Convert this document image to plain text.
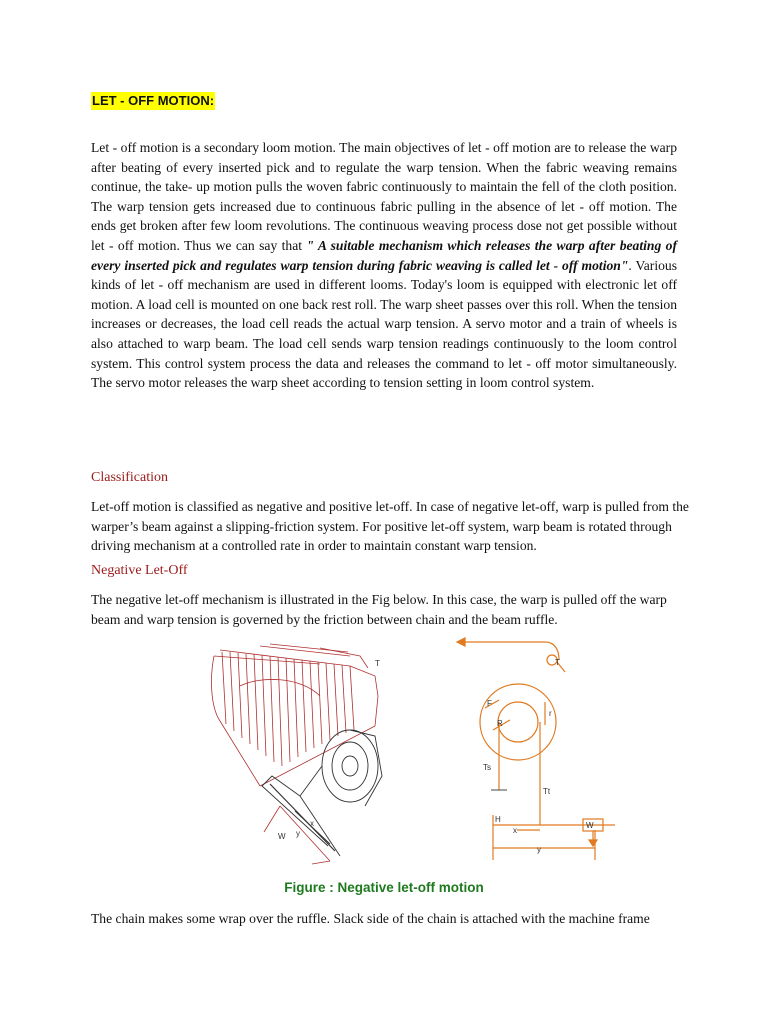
LET - OFF MOTION:

Let - off motion is a secondary loom motion. The main objectives of let - off motion are to release the warp after beating of every inserted pick and to regulate the warp tension. When the fabric weaving remains continue, the take- up motion pulls the woven fabric continuously to maintain the fell of the cloth position. The warp tension gets increased due to continuous fabric pulling in the absence of let - off motion. The ends get broken after few loom revolutions. The continuous weaving process dose not get possible without let - off motion. Thus we can say that " A suitable mechanism which releases the warp after beating of every inserted pick and regulates warp tension during fabric weaving is called let - off motion". Various kinds of let - off mechanism are used in different looms. Today's loom is equipped with electronic let off motion. A load cell is mounted on one back rest roll. The warp sheet passes over this roll. When the tension increases or decreases, the load cell reads the actual warp tension. A servo motor and a train of wheels is also attached to warp beam. The load cell sends warp tension readings continuously to the loom control system. This control system process the data and releases the command to let - off motor simultaneously. The servo motor releases the warp sheet according to tension setting in loom control system.

Classification

Let-off motion is classified as negative and positive let-off. In case of negative let-off, warp is pulled from the warper’s beam against a slipping-friction system. For positive let-off system, warp beam is rotated through driving mechanism at a controlled rate in order to maintain constant warp tension.

Negative Let-Off

The negative let-off mechanism is illustrated in the Fig below. In this case, the warp is pulled off the warp beam and warp tension is governed by the friction between chain and the beam ruffle.

T
x
y
W
T
F
R
r
Ts
Tt
H
x
y
W
Figure : Negative let-off motion

The chain makes some wrap over the ruffle. Slack side of the chain is attached with the machine frame
